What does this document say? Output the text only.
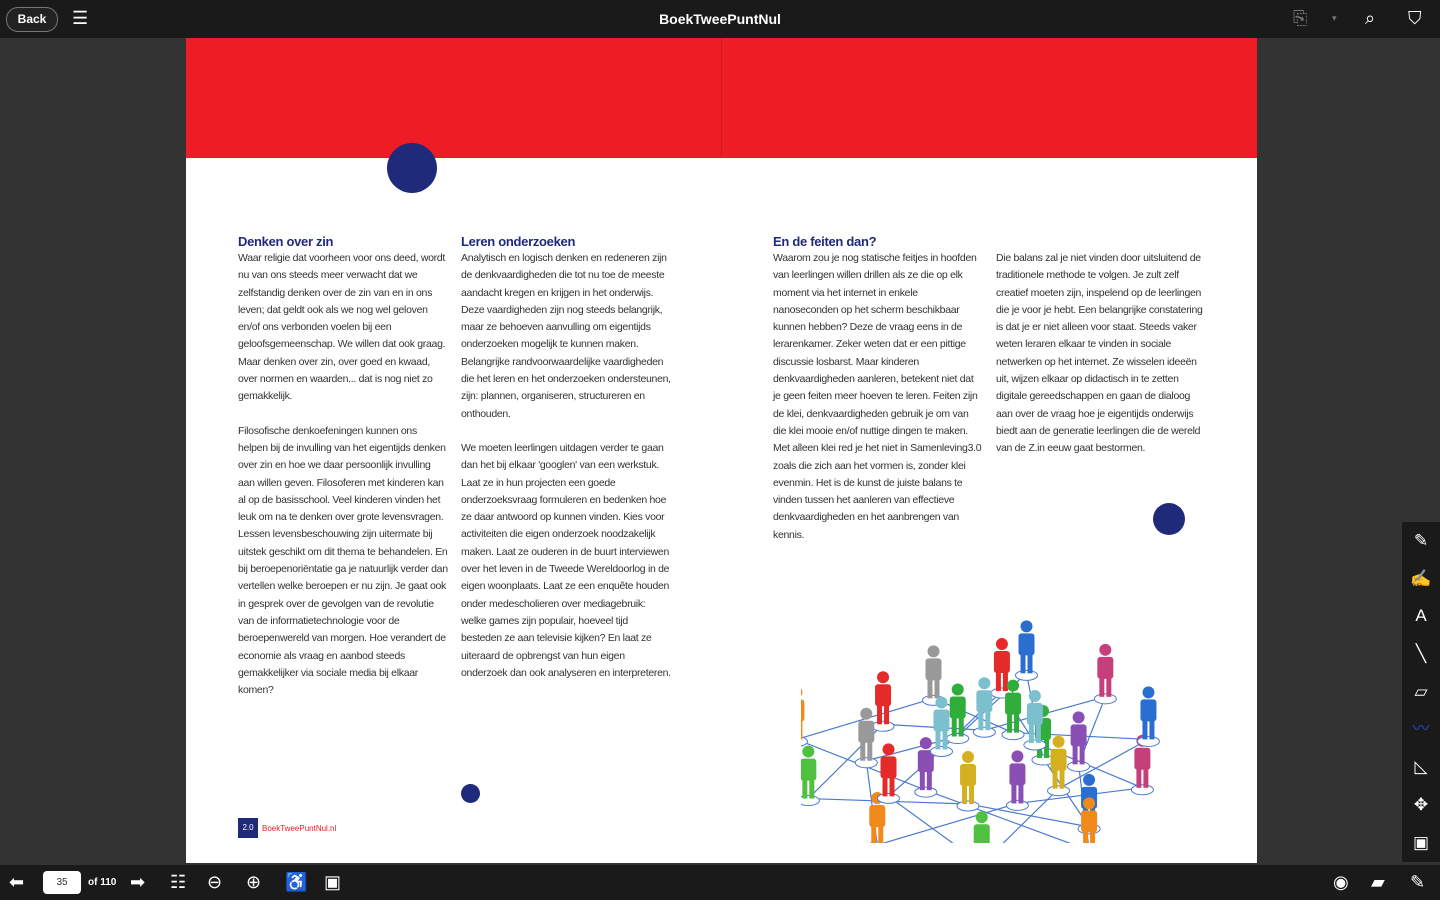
Back	☰	BoekTweePuntNul	⎘	▾ ⌕ ⛉
Denken over zin

Waar religie dat voorheen voor ons deed, wordt nu van ons steeds meer verwacht dat we zelfstandig denken over de zin van en in ons leven; dat geldt ook als we nog wel geloven en/of ons verbonden voelen bij een geloofsgemeenschap. We willen dat ook graag. Maar denken over zin, over goed en kwaad, over normen en waarden... dat is nog niet zo gemakkelijk.

Filosofische denkoefeningen kunnen ons helpen bij de invulling van het eigentijds denken over zin en hoe we daar persoonlijk invulling aan willen geven. Filosoferen met kinderen kan al op de basisschool. Veel kinderen vinden het leuk om na te denken over grote levensvragen. Lessen levensbeschouwing zijn uitermate bij uitstek geschikt om dit thema te behandelen. En bij beroepenoriëntatie ga je natuurlijk verder dan vertellen welke beroepen er nu zijn. Je gaat ook in gesprek over de gevolgen van de revolutie van de informatietechnologie voor de beroepenwereld van morgen. Hoe verandert de economie als vraag en aanbod steeds gemakkelijker via sociale media bij elkaar komen?

Leren onderzoeken

Analytisch en logisch denken en redeneren zijn de denkvaardigheden die tot nu toe de meeste aandacht kregen en krijgen in het onderwijs. Deze vaardigheden zijn nog steeds belangrijk, maar ze behoeven aanvulling om eigentijds onderzoeken mogelijk te kunnen maken. Belangrijke randvoorwaardelijke vaardigheden die het leren en het onderzoeken ondersteunen, zijn: plannen, organiseren, structureren en onthouden.

We moeten leerlingen uitdagen verder te gaan dan het bij elkaar 'googlen' van een werkstuk. Laat ze in hun projecten een goede onderzoeksvraag formuleren en bedenken hoe ze daar antwoord op kunnen vinden. Kies voor activiteiten die eigen onderzoek noodzakelijk maken. Laat ze ouderen in de buurt interviewen over het leven in de Tweede Wereldoorlog in de eigen woonplaats. Laat ze een enquête houden onder medescholieren over mediagebruik: welke games zijn populair, hoeveel tijd besteden ze aan televisie kijken? En laat ze uiteraard de opbrengst van hun eigen onderzoek dan ook analyseren en interpreteren.

En de feiten dan?

Waarom zou je nog statische feitjes in hoofden van leerlingen willen drillen als ze die op elk moment via het internet in enkele nanoseconden op het scherm beschikbaar kunnen hebben? Deze de vraag eens in de lerarenkamer. Zeker weten dat er een pittige discussie losbarst. Maar kinderen denkvaardigheden aanleren, betekent niet dat je geen feiten meer hoeven te leren. Feiten zijn de klei, denkvaardigheden gebruik je om van die klei mooie en/of nuttige dingen te maken. Met alleen klei red je het niet in Samenleving3.0 zoals die zich aan het vormen is, zonder klei evenmin. Het is de kunst de juiste balans te vinden tussen het aanleren van effectieve denkvaardigheden en het aanbrengen van kennis.

Die balans zal je niet vinden door uitsluitend de traditionele methode te volgen. Je zult zelf creatief moeten zijn, inspelend op de leerlingen die je voor je hebt. Een belangrijke constatering is dat je er niet alleen voor staat. Steeds vaker weten leraren elkaar te vinden in sociale netwerken op het internet. Ze wisselen ideeën uit, wijzen elkaar op didactisch in te zetten digitale gereedschappen en gaan de dialoog aan over de vraag hoe je eigentijds onderwijs biedt aan de generatie leerlingen die de wereld van de Z.in eeuw gaat bestormen.

2.0	BoekTweePuntNul.nl
✎
✍
A
╲
▱
〰
◺
✥
▣
⬅	35	of 110 ➡ ☷ ⊖ ⊕ ♿ ▣	◉ ▰ ✎
